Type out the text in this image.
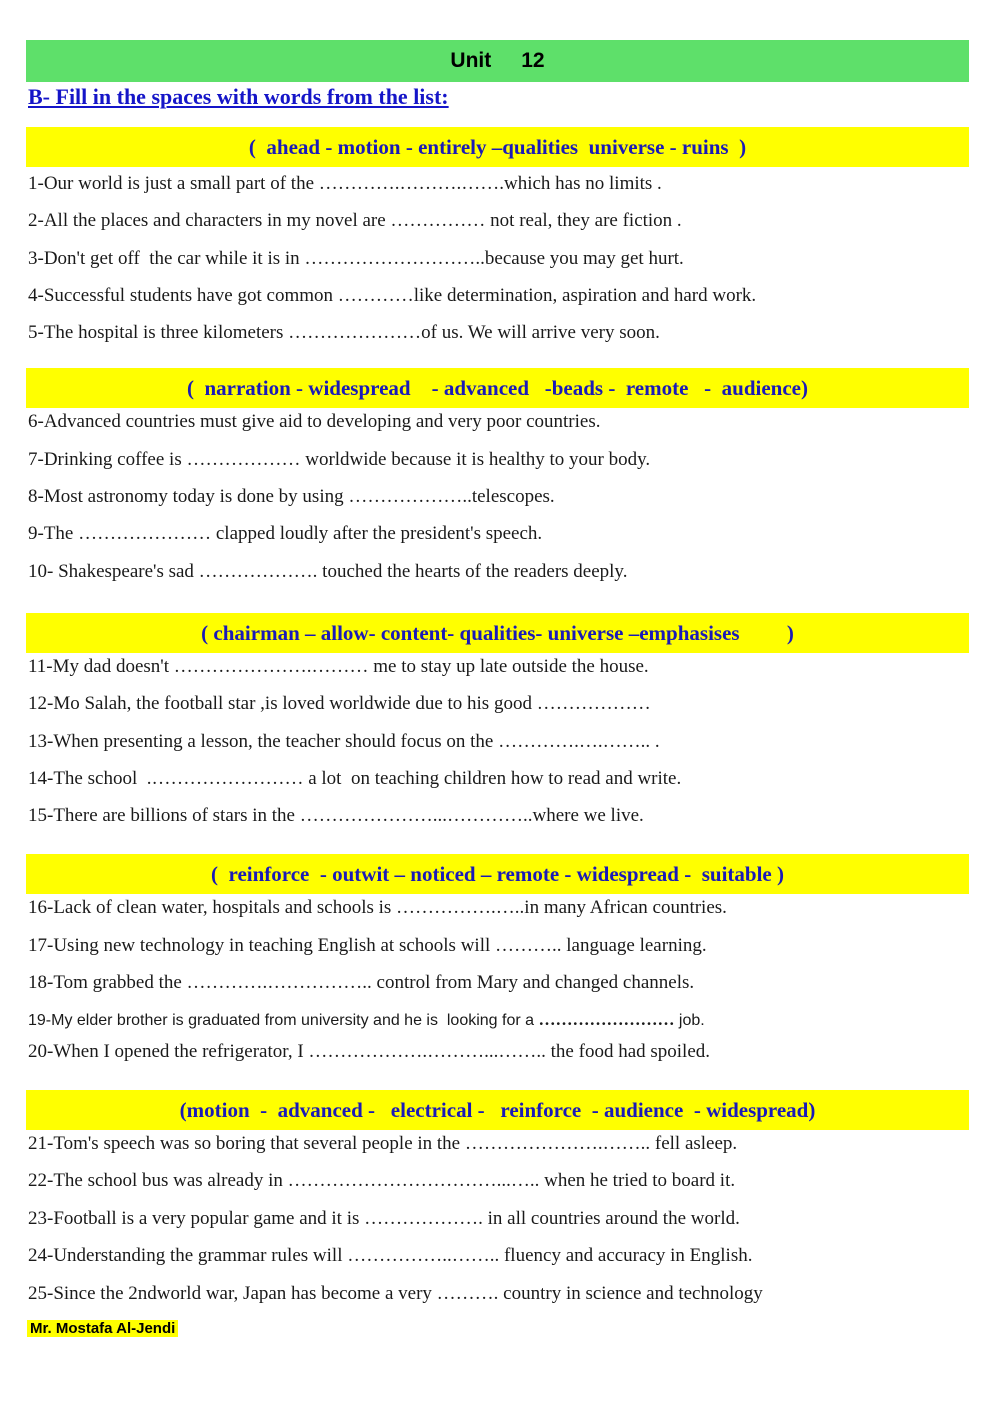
Unit 12
B- Fill in the spaces with words from the list:
(  ahead - motion - entirely –qualities  universe - ruins  )
1-Our world is just a small part of the ………….……….…….which has no limits .
2-All the places and characters in my novel are …………… not real, they are fiction .
3-Don't get off  the car while it is in ………………………..because you may get hurt.
4-Successful students have got common …………like determination, aspiration and hard work.
5-The hospital is three kilometers …………………of us. We will arrive very soon.
(  narration - widespread    - advanced   -beads -  remote   -  audience)
6-Advanced countries must give aid to developing and very poor countries.
7-Drinking coffee is ……………… worldwide because it is healthy to your body.
8-Most astronomy today is done by using ………………..telescopes.
9-The ………………… clapped loudly after the president's speech.
10- Shakespeare's sad ………………. touched the hearts of the readers deeply.
( chairman – allow- content- qualities- universe –emphasises         )
11-My dad doesn't ………………….……… me to stay up late outside the house.
12-Mo Salah, the football star ,is loved worldwide due to his good ………………
13-When presenting a lesson, the teacher should focus on the ………….….…….. .
14-The school  .…………………… a lot  on teaching children how to read and write.
15-There are billions of stars in the …………………...…………..where we live.
(  reinforce  - outwit – noticed – remote - widespread -  suitable )
16-Lack of clean water, hospitals and schools is …………….…..in many African countries.
17-Using new technology in teaching English at schools will ……….. language learning.
18-Tom grabbed the ………….…………….. control from Mary and changed channels.
19-My elder brother is graduated from university and he is  looking for a …………………… job.
20-When I opened the refrigerator, I ……………….………...…….. the food had spoiled.
(motion  -  advanced -   electrical -   reinforce  - audience  - widespread)
21-Tom's speech was so boring that several people in the ………………….…….. fell asleep.
22-The school bus was already in ……………………………...….. when he tried to board it.
23-Football is a very popular game and it is ………………. in all countries around the world.
24-Understanding the grammar rules will ……………..…….. fluency and accuracy in English.
25-Since the 2ndworld war, Japan has become a very ………. country in science and technology
Mr. Mostafa Al-Jendi
